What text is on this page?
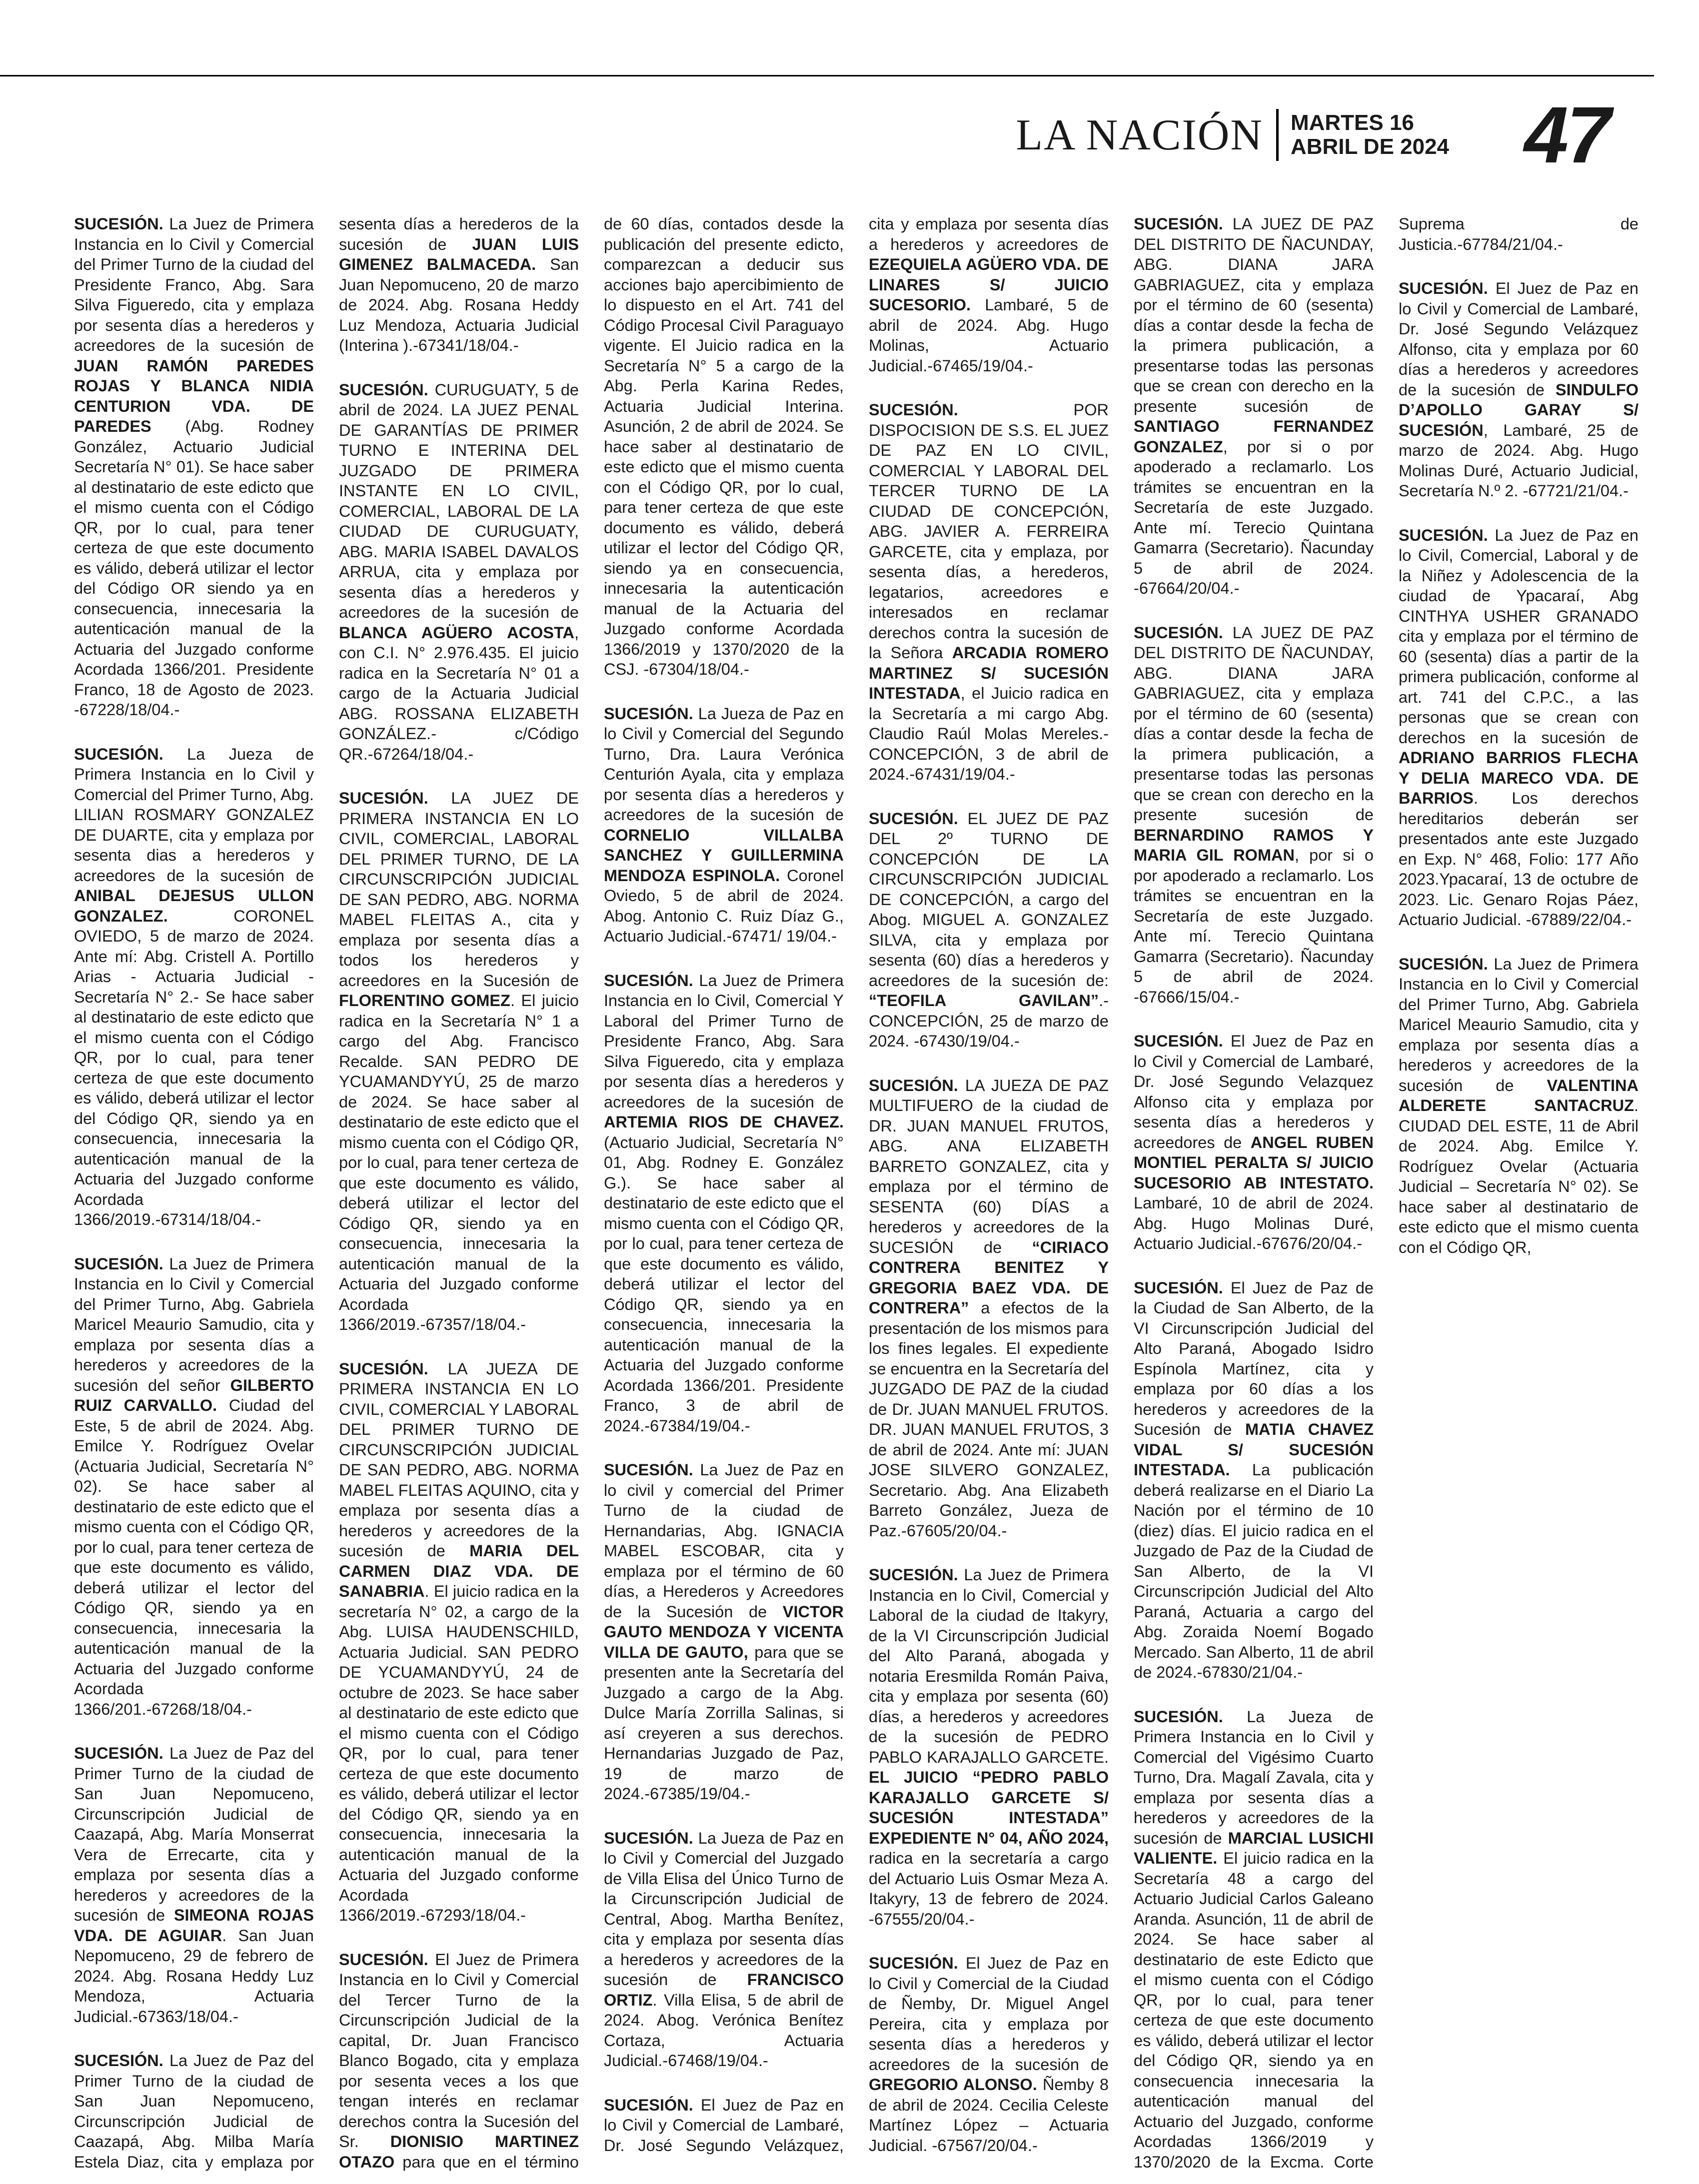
LA NACIÓN MARTES 16
ABRIL DE 2024 47

SUCESIÓN. La Juez de Primera Instancia en lo Civil y Comercial del Primer Turno de la ciudad del Presidente Franco, Abg. Sara Silva Figueredo, cita y emplaza por sesenta días a herederos y acreedores de la sucesión de JUAN RAMÓN PAREDES ROJAS Y BLANCA NIDIA CENTURION VDA. DE PAREDES (Abg. Rodney González, Actuario Judicial Secretaría N° 01). Se hace saber al destinatario de este edicto que el mismo cuenta con el Código QR, por lo cual, para tener certeza de que este documento es válido, deberá utilizar el lector del Código OR siendo ya en consecuencia, innecesaria la autenticación manual de la Actuaria del Juzgado conforme Acordada 1366/201. Presidente Franco, 18 de Agosto de 2023. -67228/18/04.-

SUCESIÓN. La Jueza de Primera Instancia en lo Civil y Comercial del Primer Turno, Abg. LILIAN ROSMARY GONZALEZ DE DUARTE, cita y emplaza por sesenta dias a herederos y acreedores de la sucesión de ANIBAL DEJESUS ULLON GONZALEZ. CORONEL OVIEDO, 5 de marzo de 2024. Ante mí: Abg. Cristell A. Portillo Arias - Actuaria Judicial - Secretaría N° 2.- Se hace saber al destinatario de este edicto que el mismo cuenta con el Código QR, por lo cual, para tener certeza de que este documento es válido, deberá utilizar el lector del Código QR, siendo ya en consecuencia, innecesaria la autenticación manual de la Actuaria del Juzgado conforme Acordada 1366/2019.-67314/18/04.-

SUCESIÓN. La Juez de Primera Instancia en lo Civil y Comercial del Primer Turno, Abg. Gabriela Maricel Meaurio Samudio, cita y emplaza por sesenta días a herederos y acreedores de la sucesión del señor GILBERTO RUIZ CARVALLO. Ciudad del Este, 5 de abril de 2024. Abg. Emilce Y. Rodríguez Ovelar (Actuaria Judicial, Secretaría N° 02). Se hace saber al destinatario de este edicto que el mismo cuenta con el Código QR, por lo cual, para tener certeza de que este documento es válido, deberá utilizar el lector del Código QR, siendo ya en consecuencia, innecesaria la autenticación manual de la Actuaria del Juzgado conforme Acordada 1366/201.-67268/18/04.-

SUCESIÓN. La Juez de Paz del Primer Turno de la ciudad de San Juan Nepomuceno, Circunscripción Judicial de Caazapá, Abg. María Monserrat Vera de Errecarte, cita y emplaza por sesenta días a herederos y acreedores de la sucesión de SIMEONA ROJAS VDA. DE AGUIAR. San Juan Nepomuceno, 29 de febrero de 2024. Abg. Rosana Heddy Luz Mendoza, Actuaria Judicial.-67363/18/04.-

SUCESIÓN. La Juez de Paz del Primer Turno de la ciudad de San Juan Nepomuceno, Circunscripción Judicial de Caazapá, Abg. Milba María Estela Diaz, cita y emplaza por sesenta días a herederos de la sucesión de JUAN LUIS GIMENEZ BALMACEDA. San Juan Nepomuceno, 20 de marzo de 2024. Abg. Rosana Heddy Luz Mendoza, Actuaria Judicial (Interina ).-67341/18/04.-

SUCESIÓN. CURUGUATY, 5 de abril de 2024. LA JUEZ PENAL DE GARANTÍAS DE PRIMER TURNO E INTERINA DEL JUZGADO DE PRIMERA INSTANTE EN LO CIVIL, COMERCIAL, LABORAL DE LA CIUDAD DE CURUGUATY, ABG. MARIA ISABEL DAVALOS ARRUA, cita y emplaza por sesenta días a herederos y acreedores de la sucesión de BLANCA AGÜERO ACOSTA, con C.I. N° 2.976.435. El juicio radica en la Secretaría N° 01 a cargo de la Actuaria Judicial ABG. ROSSANA ELIZABETH GONZÁLEZ.- c/Código QR.-67264/18/04.-

SUCESIÓN. LA JUEZ DE PRIMERA INSTANCIA EN LO CIVIL, COMERCIAL, LABORAL DEL PRIMER TURNO, DE LA CIRCUNSCRIPCIÓN JUDICIAL DE SAN PEDRO, ABG. NORMA MABEL FLEITAS A., cita y emplaza por sesenta días a todos los herederos y acreedores en la Sucesión de FLORENTINO GOMEZ. El juicio radica en la Secretaría N° 1 a cargo del Abg. Francisco Recalde. SAN PEDRO DE YCUAMANDYYÚ, 25 de marzo de 2024. Se hace saber al destinatario de este edicto que el mismo cuenta con el Código QR, por lo cual, para tener certeza de que este documento es válido, deberá utilizar el lector del Código QR, siendo ya en consecuencia, innecesaria la autenticación manual de la Actuaria del Juzgado conforme Acordada 1366/2019.-67357/18/04.-

SUCESIÓN. LA JUEZA DE PRIMERA INSTANCIA EN LO CIVIL, COMERCIAL Y LABORAL DEL PRIMER TURNO DE CIRCUNSCRIPCIÓN JUDICIAL DE SAN PEDRO, ABG. NORMA MABEL FLEITAS AQUINO, cita y emplaza por sesenta días a herederos y acreedores de la sucesión de MARIA DEL CARMEN DIAZ VDA. DE SANABRIA. El juicio radica en la secretaría N° 02, a cargo de la Abg. LUISA HAUDENSCHILD, Actuaria Judicial. SAN PEDRO DE YCUAMANDYYÚ, 24 de octubre de 2023. Se hace saber al destinatario de este edicto que el mismo cuenta con el Código QR, por lo cual, para tener certeza de que este documento es válido, deberá utilizar el lector del Código QR, siendo ya en consecuencia, innecesaria la autenticación manual de la Actuaria del Juzgado conforme Acordada 1366/2019.-67293/18/04.-

SUCESIÓN. El Juez de Primera Instancia en lo Civil y Comercial del Tercer Turno de la Circunscripción Judicial de la capital, Dr. Juan Francisco Blanco Bogado, cita y emplaza por sesenta veces a los que tengan interés en reclamar derechos contra la Sucesión del Sr. DIONISIO MARTINEZ OTAZO para que en el término de 60 días, contados desde la publicación del presente edicto, comparezcan a deducir sus acciones bajo apercibimiento de lo dispuesto en el Art. 741 del Código Procesal Civil Paraguayo vigente. El Juicio radica en la Secretaría N° 5 a cargo de la Abg. Perla Karina Redes, Actuaria Judicial Interina. Asunción, 2 de abril de 2024. Se hace saber al destinatario de este edicto que el mismo cuenta con el Código QR, por lo cual, para tener certeza de que este documento es válido, deberá utilizar el lector del Código QR, siendo ya en consecuencia, innecesaria la autenticación manual de la Actuaria del Juzgado conforme Acordada 1366/2019 y 1370/2020 de la CSJ. -67304/18/04.-

SUCESIÓN. La Jueza de Paz en lo Civil y Comercial del Segundo Turno, Dra. Laura Verónica Centurión Ayala, cita y emplaza por sesenta días a herederos y acreedores de la sucesión de CORNELIO VILLALBA SANCHEZ Y GUILLERMINA MENDOZA ESPINOLA. Coronel Oviedo, 5 de abril de 2024. Abog. Antonio C. Ruiz Díaz G., Actuario Judicial.-67471/ 19/04.-

SUCESIÓN. La Juez de Primera Instancia en lo Civil, Comercial Y Laboral del Primer Turno de Presidente Franco, Abg. Sara Silva Figueredo, cita y emplaza por sesenta días a herederos y acreedores de la sucesión de ARTEMIA RIOS DE CHAVEZ. (Actuario Judicial, Secretaría N° 01, Abg. Rodney E. González G.). Se hace saber al destinatario de este edicto que el mismo cuenta con el Código QR, por lo cual, para tener certeza de que este documento es válido, deberá utilizar el lector del Código QR, siendo ya en consecuencia, innecesaria la autenticación manual de la Actuaria del Juzgado conforme Acordada 1366/201. Presidente Franco, 3 de abril de 2024.-67384/19/04.-

SUCESIÓN. La Juez de Paz en lo civil y comercial del Primer Turno de la ciudad de Hernandarias, Abg. IGNACIA MABEL ESCOBAR, cita y emplaza por el término de 60 días, a Herederos y Acreedores de la Sucesión de VICTOR GAUTO MENDOZA Y VICENTA VILLA DE GAUTO, para que se presenten ante la Secretaría del Juzgado a cargo de la Abg. Dulce María Zorrilla Salinas, si así creyeren a sus derechos. Hernandarias Juzgado de Paz, 19 de marzo de 2024.-67385/19/04.-

SUCESIÓN. La Jueza de Paz en lo Civil y Comercial del Juzgado de Villa Elisa del Único Turno de la Circunscripción Judicial de Central, Abog. Martha Benítez, cita y emplaza por sesenta días a herederos y acreedores de la sucesión de FRANCISCO ORTIZ. Villa Elisa, 5 de abril de 2024. Abog. Verónica Benítez Cortaza, Actuaria Judicial.-67468/19/04.-

SUCESIÓN. El Juez de Paz en lo Civil y Comercial de Lambaré, Dr. José Segundo Velázquez, cita y emplaza por sesenta días a herederos y acreedores de EZEQUIELA AGÜERO VDA. DE LINARES S/ JUICIO SUCESORIO. Lambaré, 5 de abril de 2024. Abg. Hugo Molinas, Actuario Judicial.-67465/19/04.-

SUCESIÓN. POR DISPOCISION DE S.S. EL JUEZ DE PAZ EN LO CIVIL, COMERCIAL Y LABORAL DEL TERCER TURNO DE LA CIUDAD DE CONCEPCIÓN, ABG. JAVIER A. FERREIRA GARCETE, cita y emplaza, por sesenta días, a herederos, legatarios, acreedores e interesados en reclamar derechos contra la sucesión de la Señora ARCADIA ROMERO MARTINEZ S/ SUCESIÓN INTESTADA, el Juicio radica en la Secretaría a mi cargo Abg. Claudio Raúl Molas Mereles.- CONCEPCIÓN, 3 de abril de 2024.-67431/19/04.-

SUCESIÓN. EL JUEZ DE PAZ DEL 2º TURNO DE CONCEPCIÓN DE LA CIRCUNSCRIPCIÓN JUDICIAL DE CONCEPCIÓN, a cargo del Abog. MIGUEL A. GONZALEZ SILVA, cita y emplaza por sesenta (60) días a herederos y acreedores de la sucesión de: “TEOFILA GAVILAN”.- CONCEPCIÓN, 25 de marzo de 2024. -67430/19/04.-

SUCESIÓN. LA JUEZA DE PAZ MULTIFUERO de la ciudad de DR. JUAN MANUEL FRUTOS, ABG. ANA ELIZABETH BARRETO GONZALEZ, cita y emplaza por el término de SESENTA (60) DÍAS a herederos y acreedores de la SUCESIÓN de “CIRIACO CONTRERA BENITEZ Y GREGORIA BAEZ VDA. DE CONTRERA” a efectos de la presentación de los mismos para los fines legales. El expediente se encuentra en la Secretaría del JUZGADO DE PAZ de la ciudad de Dr. JUAN MANUEL FRUTOS. DR. JUAN MANUEL FRUTOS, 3 de abril de 2024. Ante mí: JUAN JOSE SILVERO GONZALEZ, Secretario. Abg. Ana Elizabeth Barreto González, Jueza de Paz.-67605/20/04.-

SUCESIÓN. La Juez de Primera Instancia en lo Civil, Comercial y Laboral de la ciudad de Itakyry, de la VI Circunscripción Judicial del Alto Paraná, abogada y notaria Eresmilda Román Paiva, cita y emplaza por sesenta (60) días, a herederos y acreedores de la sucesión de PEDRO PABLO KARAJALLO GARCETE. EL JUICIO “PEDRO PABLO KARAJALLO GARCETE S/ SUCESIÓN INTESTADA” EXPEDIENTE N° 04, AÑO 2024, radica en la secretaría a cargo del Actuario Luis Osmar Meza A. Itakyry, 13 de febrero de 2024. -67555/20/04.-

SUCESIÓN. El Juez de Paz en lo Civil y Comercial de la Ciudad de Ñemby, Dr. Miguel Angel Pereira, cita y emplaza por sesenta días a herederos y acreedores de la sucesión de GREGORIO ALONSO. Ñemby 8 de abril de 2024. Cecilia Celeste Martínez López – Actuaria Judicial. -67567/20/04.-

SUCESIÓN. LA JUEZ DE PAZ DEL DISTRITO DE ÑACUNDAY, ABG. DIANA JARA GABRIAGUEZ, cita y emplaza por el término de 60 (sesenta) días a contar desde la fecha de la primera publicación, a presentarse todas las personas que se crean con derecho en la presente sucesión de SANTIAGO FERNANDEZ GONZALEZ, por si o por apoderado a reclamarlo. Los trámites se encuentran en la Secretaría de este Juzgado. Ante mí. Terecio Quintana Gamarra (Secretario). Ñacunday 5 de abril de 2024. -67664/20/04.-

SUCESIÓN. LA JUEZ DE PAZ DEL DISTRITO DE ÑACUNDAY, ABG. DIANA JARA GABRIAGUEZ, cita y emplaza por el término de 60 (sesenta) días a contar desde la fecha de la primera publicación, a presentarse todas las personas que se crean con derecho en la presente sucesión de BERNARDINO RAMOS Y MARIA GIL ROMAN, por si o por apoderado a reclamarlo. Los trámites se encuentran en la Secretaría de este Juzgado. Ante mí. Terecio Quintana Gamarra (Secretario). Ñacunday 5 de abril de 2024. -67666/15/04.-

SUCESIÓN. El Juez de Paz en lo Civil y Comercial de Lambaré, Dr. José Segundo Velazquez Alfonso cita y emplaza por sesenta días a herederos y acreedores de ANGEL RUBEN MONTIEL PERALTA S/ JUICIO SUCESORIO AB INTESTATO. Lambaré, 10 de abril de 2024. Abg. Hugo Molinas Duré, Actuario Judicial.-67676/20/04.-

SUCESIÓN. El Juez de Paz de la Ciudad de San Alberto, de la VI Circunscripción Judicial del Alto Paraná, Abogado Isidro Espínola Martínez, cita y emplaza por 60 días a los herederos y acreedores de la Sucesión de MATIA CHAVEZ VIDAL S/ SUCESIÓN INTESTADA. La publicación deberá realizarse en el Diario La Nación por el término de 10 (diez) días. El juicio radica en el Juzgado de Paz de la Ciudad de San Alberto, de la VI Circunscripción Judicial del Alto Paraná, Actuaria a cargo del Abg. Zoraida Noemí Bogado Mercado. San Alberto, 11 de abril de 2024.-67830/21/04.-

SUCESIÓN. La Jueza de Primera Instancia en lo Civil y Comercial del Vigésimo Cuarto Turno, Dra. Magalí Zavala, cita y emplaza por sesenta días a herederos y acreedores de la sucesión de MARCIAL LUSICHI VALIENTE. El juicio radica en la Secretaría 48 a cargo del Actuario Judicial Carlos Galeano Aranda. Asunción, 11 de abril de 2024. Se hace saber al destinatario de este Edicto que el mismo cuenta con el Código QR, por lo cual, para tener certeza de que este documento es válido, deberá utilizar el lector del Código QR, siendo ya en consecuencia innecesaria la autenticación manual del Actuario del Juzgado, conforme Acordadas 1366/2019 y 1370/2020 de la Excma. Corte Suprema de Justicia.-67784/21/04.-

SUCESIÓN. El Juez de Paz en lo Civil y Comercial de Lambaré, Dr. José Segundo Velázquez Alfonso, cita y emplaza por 60 días a herederos y acreedores de la sucesión de SINDULFO D’APOLLO GARAY S/ SUCESIÓN, Lambaré, 25 de marzo de 2024. Abg. Hugo Molinas Duré, Actuario Judicial, Secretaría N.º 2. -67721/21/04.-

SUCESIÓN. La Juez de Paz en lo Civil, Comercial, Laboral y de la Niñez y Adolescencia de la ciudad de Ypacaraí, Abg CINTHYA USHER GRANADO cita y emplaza por el término de 60 (sesenta) días a partir de la primera publicación, conforme al art. 741 del C.P.C., a las personas que se crean con derechos en la sucesión de ADRIANO BARRIOS FLECHA Y DELIA MARECO VDA. DE BARRIOS. Los derechos hereditarios deberán ser presentados ante este Juzgado en Exp. N° 468, Folio: 177 Año 2023.Ypacaraí, 13 de octubre de 2023. Lic. Genaro Rojas Páez, Actuario Judicial. -67889/22/04.-

SUCESIÓN. La Juez de Primera Instancia en lo Civil y Comercial del Primer Turno, Abg. Gabriela Maricel Meaurio Samudio, cita y emplaza por sesenta días a herederos y acreedores de la sucesión de VALENTINA ALDERETE SANTACRUZ. CIUDAD DEL ESTE, 11 de Abril de 2024. Abg. Emilce Y. Rodríguez Ovelar (Actuaria Judicial – Secretaría N° 02). Se hace saber al destinatario de este edicto que el mismo cuenta con el Código QR,
